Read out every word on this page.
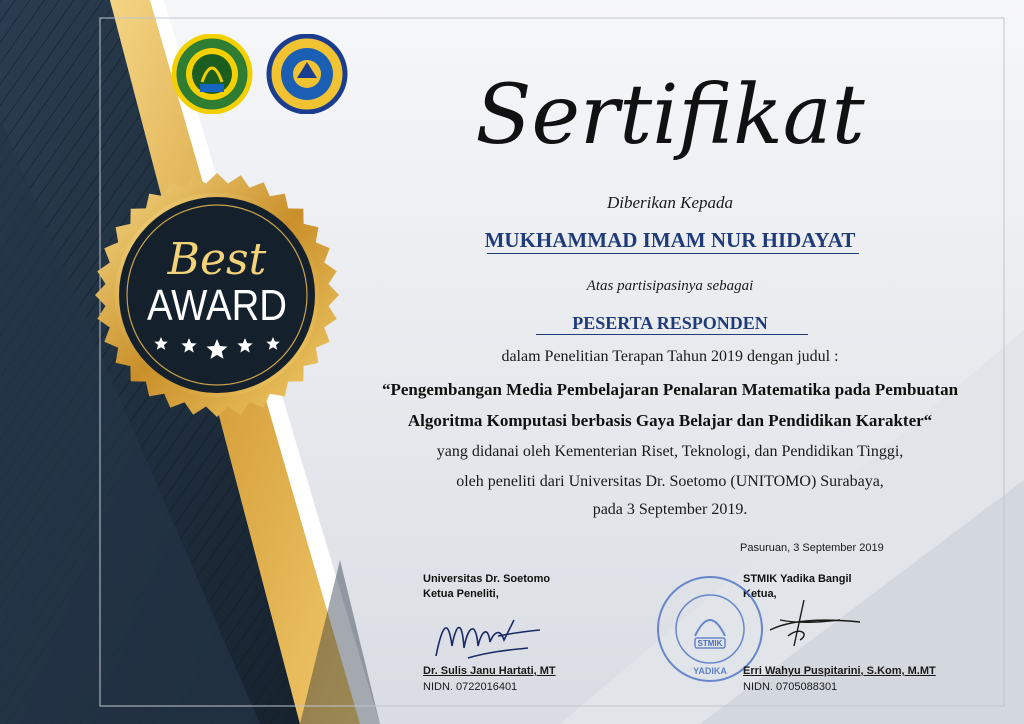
Best
AWARD
Sertifikat
Diberikan Kepada
MUKHAMMAD IMAM NUR HIDAYAT
Atas partisipasinya sebagai
PESERTA RESPONDEN
dalam Penelitian Terapan Tahun 2019 dengan judul :
“Pengembangan Media Pembelajaran Penalaran Matematika pada Pembuatan
Algoritma Komputasi berbasis Gaya Belajar dan Pendidikan Karakter“
yang didanai oleh Kementerian Riset, Teknologi, dan Pendidikan Tinggi,
oleh peneliti dari Universitas Dr. Soetomo (UNITOMO) Surabaya,
pada 3 September 2019.
Pasuruan, 3 September 2019
Universitas Dr. Soetomo
Ketua Peneliti,
STMIK Yadika Bangil
Ketua,
STMIK
YADIKA
Dr. Sulis Janu Hartati, MT
NIDN. 0722016401
Erri Wahyu Puspitarini, S.Kom, M.MT
NIDN. 0705088301
